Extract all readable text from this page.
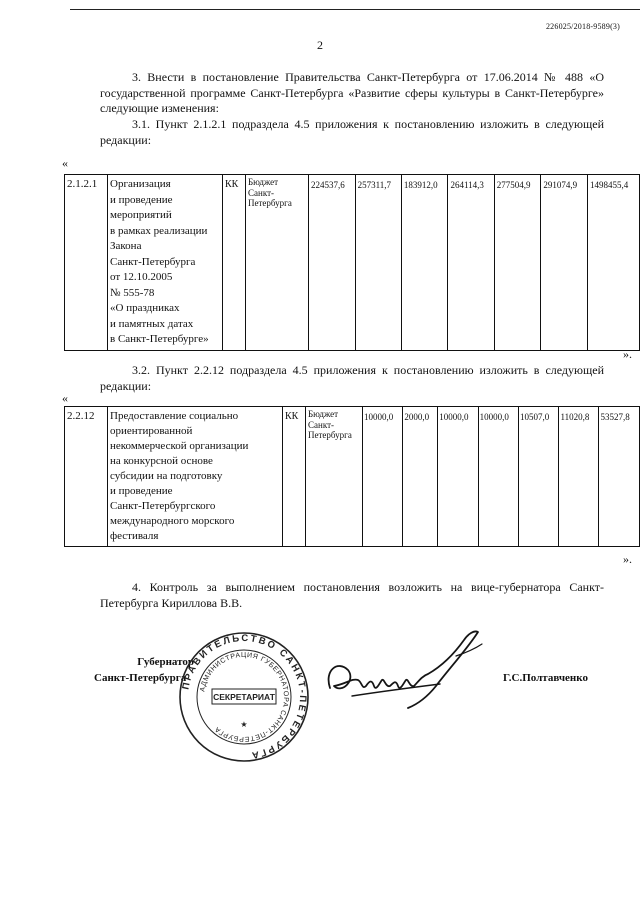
226025/2018-9589(3)
2

3. Внести в постановление Правительства Санкт-Петербурга от 17.06.2014 № 488 «О государственной программе Санкт-Петербурга «Развитие сферы культуры в Санкт-Петербурге» следующие изменения:

3.1. Пункт 2.1.2.1 подраздела 4.5 приложения к постановлению изложить в следующей редакции:

«
2.1.2.1	Организация
и проведение
мероприятий
в рамках реализации
Закона
Санкт-Петербурга
от 12.10.2005
№ 555-78
«О праздниках
и памятных датах
в Санкт-Петербурге»
	КК	Бюджет Санкт-Петербурга	224537,6	257311,7	183912,0	264114,3	277504,9	291074,9	1498455,4
».

3.2. Пункт 2.2.12 подраздела 4.5 приложения к постановлению изложить в следующей редакции:

«
2.2.12	Предоставление социально
ориентированной
некоммерческой организации
на конкурсной основе
субсидии на подготовку
и проведение
Санкт-Петербургского
международного морского
фестиваля
	КК	Бюджет Санкт-Петербурга	10000,0	2000,0	10000,0	10000,0	10507,0	11020,8	53527,8
».

4. Контроль за выполнением постановления возложить на вице-губернатора Санкт-Петербурга Кириллова В.В.

Губернатор
Санкт-Петербурга	Г.С.Полтавченко
ПРАВИТЕЛЬСТВО САНКТ-ПЕТЕРБУРГА
АДМИНИСТРАЦИЯ ГУБЕРНАТОРА САНКТ-ПЕТЕРБУРГА
СЕКРЕТАРИАТ
★
